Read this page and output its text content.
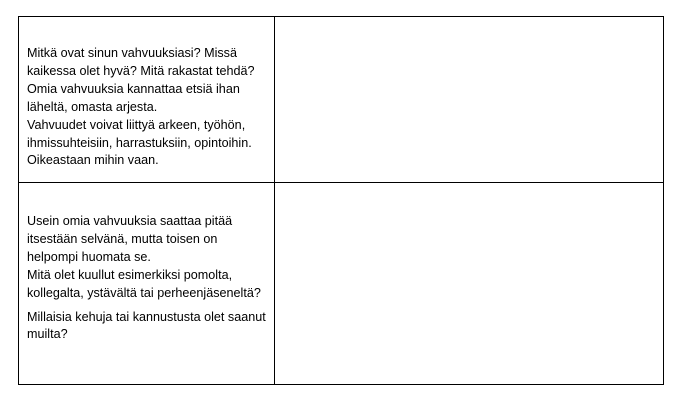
Mitkä ovat sinun vahvuuksiasi? Missä kaikessa olet hyvä? Mitä rakastat tehdä? Omia vahvuuksia kannattaa etsiä ihan läheltä, omasta arjesta.

Vahvuudet voivat liittyä arkeen, työhön, ihmissuhteisiin, harrastuksiin, opintoihin. Oikeastaan mihin vaan.	

Usein omia vahvuuksia saattaa pitää itsestään selvänä, mutta toisen on helpompi huomata se.

Mitä olet kuullut esimerkiksi pomolta, kollegalta, ystävältä tai perheenjäseneltä?

Millaisia kehuja tai kannustusta olet saanut muilta?	
